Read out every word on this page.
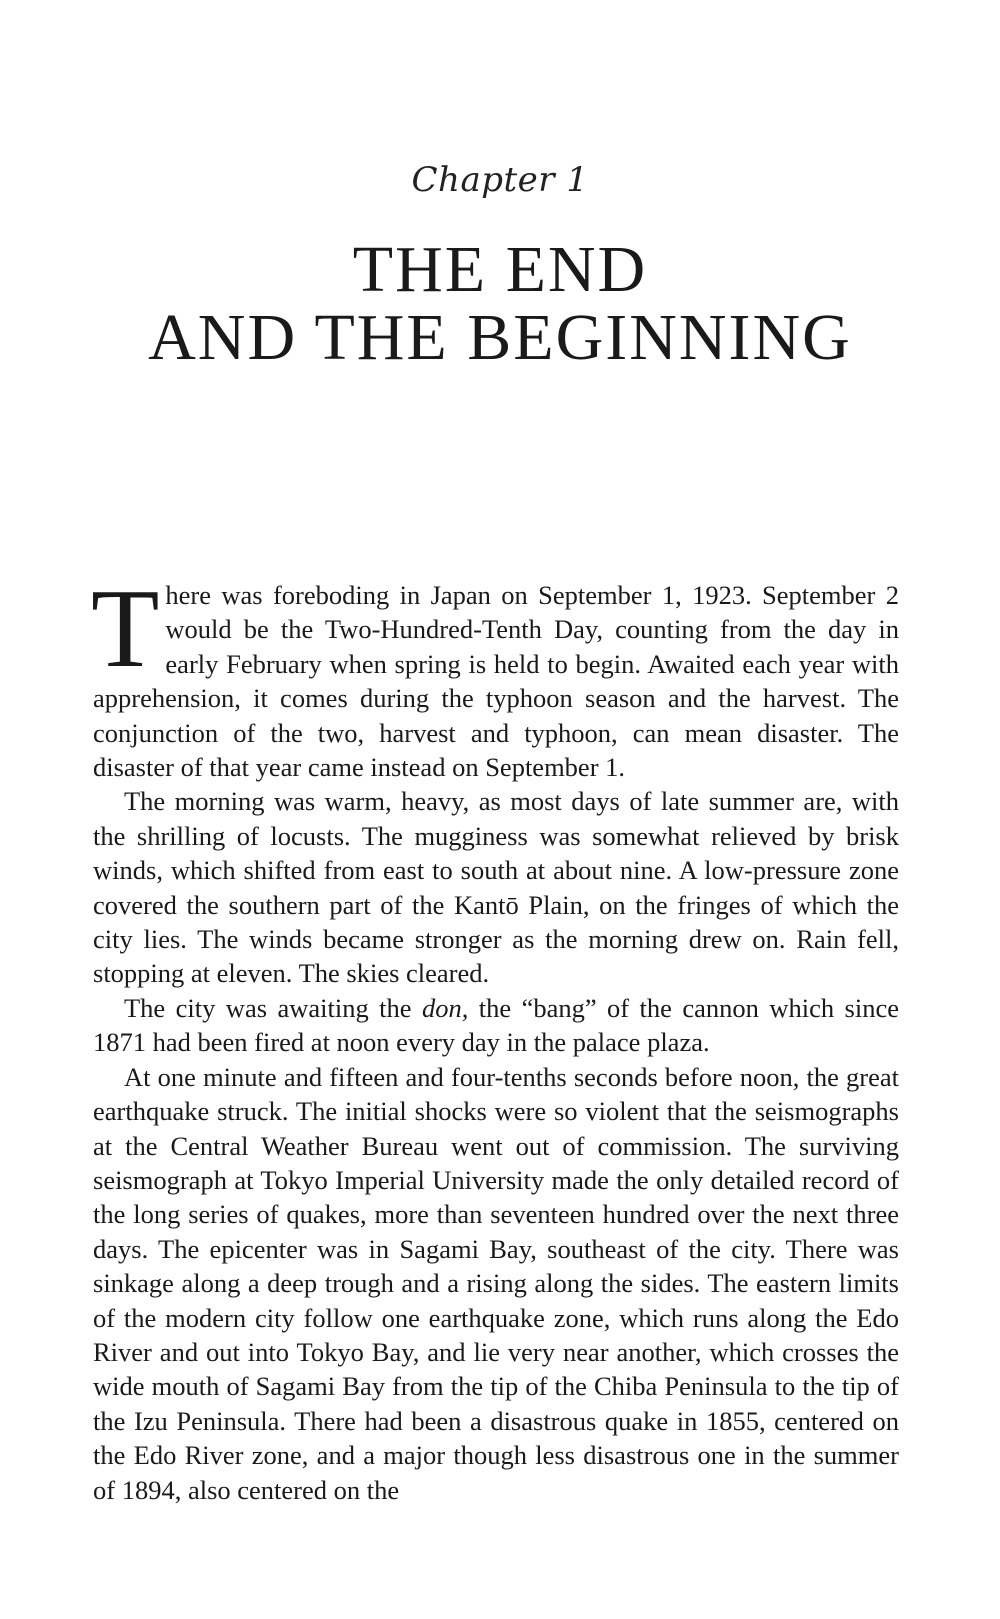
Chapter 1
THE END
AND THE BEGINNING

There was foreboding in Japan on September 1, 1923. September 2 would be the Two-Hundred-Tenth Day, counting from the day in early February when spring is held to begin. Awaited each year with apprehension, it comes during the typhoon season and the harvest. The conjunction of the two, harvest and typhoon, can mean disaster. The disaster of that year came instead on September 1.

The morning was warm, heavy, as most days of late summer are, with the shrilling of locusts. The mugginess was somewhat relieved by brisk winds, which shifted from east to south at about nine. A low-pressure zone covered the southern part of the Kantō Plain, on the fringes of which the city lies. The winds became stronger as the morning drew on. Rain fell, stopping at eleven. The skies cleared.

The city was awaiting the don, the “bang” of the cannon which since 1871 had been fired at noon every day in the palace plaza.

At one minute and fifteen and four-tenths seconds before noon, the great earthquake struck. The initial shocks were so violent that the seismographs at the Central Weather Bureau went out of commission. The surviving seismograph at Tokyo Imperial University made the only detailed record of the long series of quakes, more than seventeen hundred over the next three days. The epicenter was in Sagami Bay, southeast of the city. There was sinkage along a deep trough and a rising along the sides. The eastern limits of the modern city follow one earthquake zone, which runs along the Edo River and out into Tokyo Bay, and lie very near another, which crosses the wide mouth of Sagami Bay from the tip of the Chiba Peninsula to the tip of the Izu Peninsula. There had been a disastrous quake in 1855, centered on the Edo River zone, and a major though less disastrous one in the summer of 1894, also centered on the
